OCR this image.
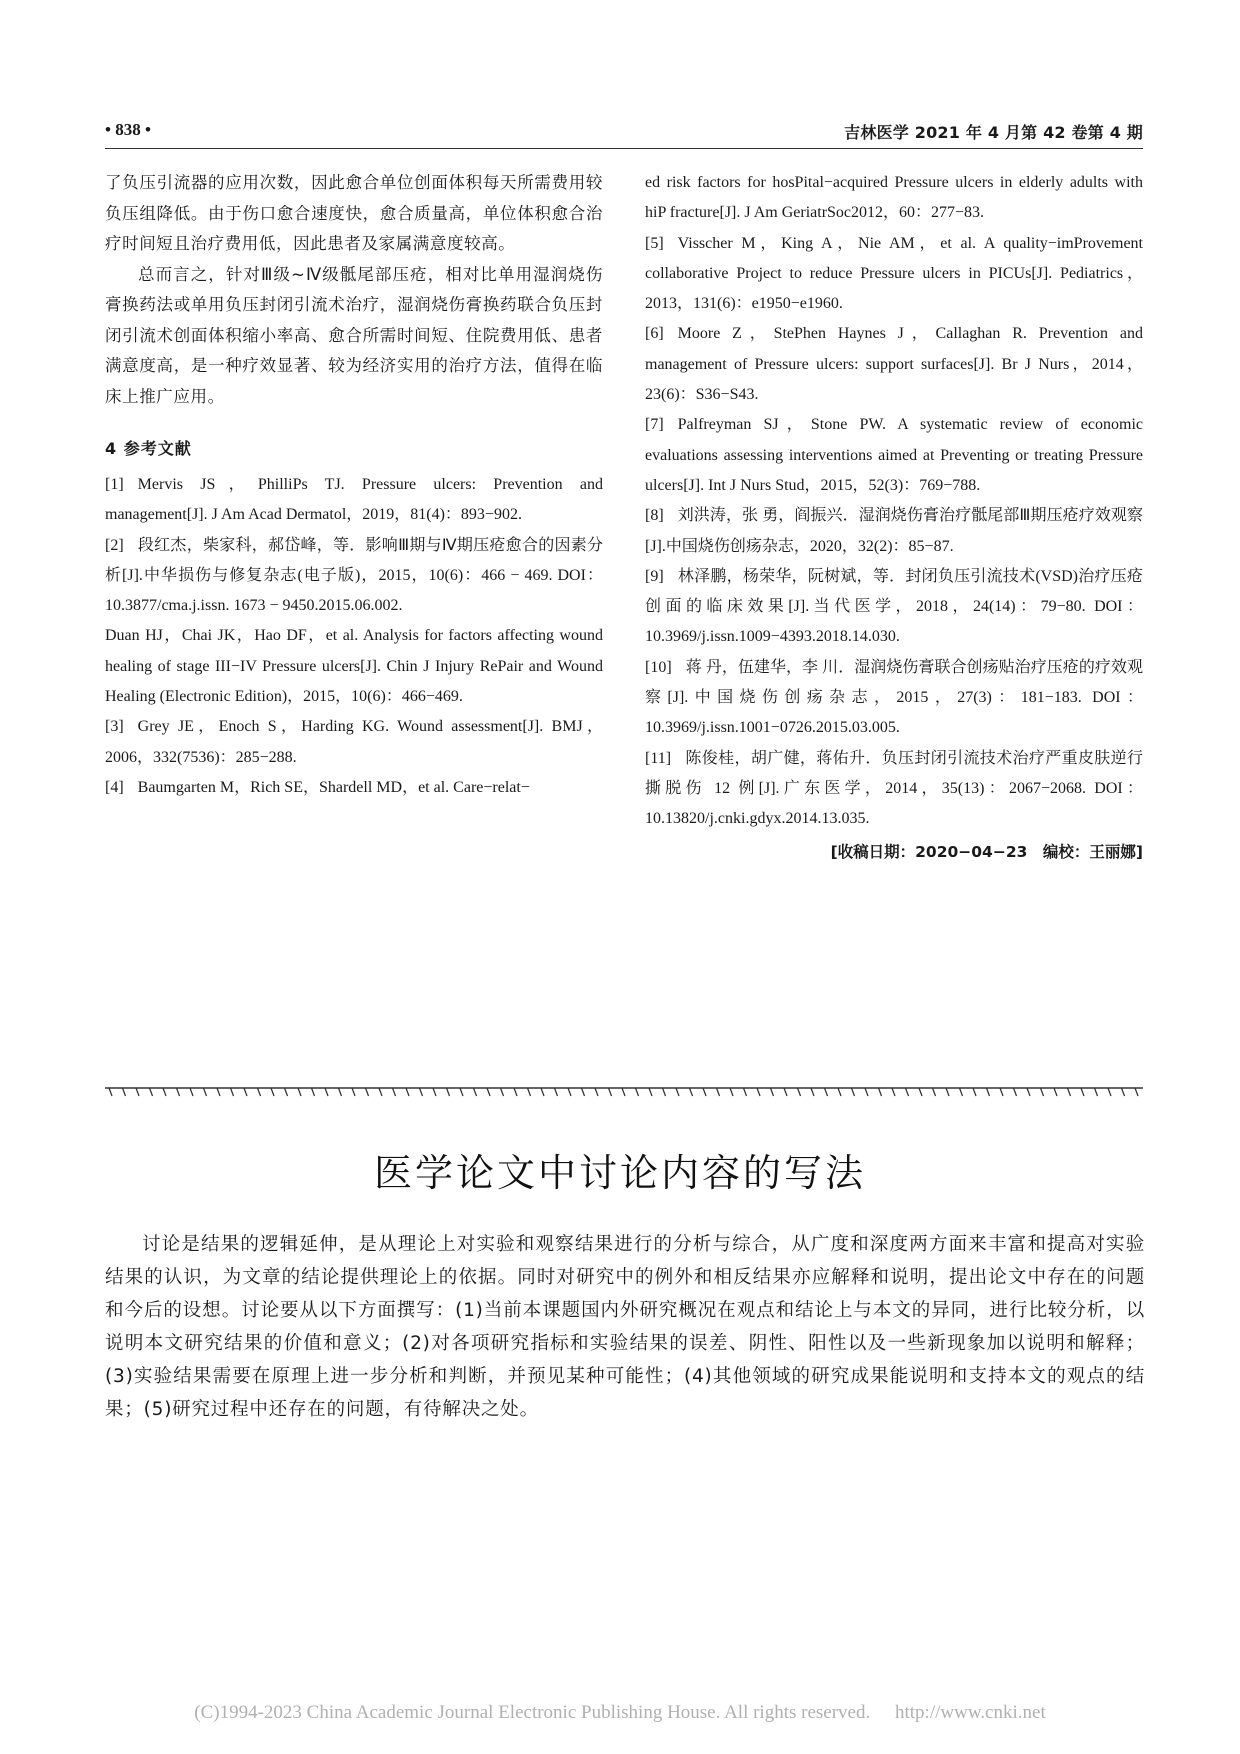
• 838 •	吉林医学 2021 年 4 月第 42 卷第 4 期

了负压引流器的应用次数，因此愈合单位创面体积每天所需费用较负压组降低。由于伤口愈合速度快，愈合质量高，单位体积愈合治疗时间短且治疗费用低，因此患者及家属满意度较高。

总而言之，针对Ⅲ级~Ⅳ级骶尾部压疮，相对比单用湿润烧伤膏换药法或单用负压封闭引流术治疗，湿润烧伤膏换药联合负压封闭引流术创面体积缩小率高、愈合所需时间短、住院费用低、患者满意度高，是一种疗效显著、较为经济实用的治疗方法，值得在临床上推广应用。

4 参考文献

[1] Mervis JS，PhilliPs TJ. Pressure ulcers: Prevention and management[J]. J Am Acad Dermatol，2019，81(4)：893−902.

[2] 段红杰，柴家科，郝岱峰，等．影响Ⅲ期与Ⅳ期压疮愈合的因素分析[J].中华损伤与修复杂志(电子版)，2015，10(6)：466 − 469. DOI：10.3877/cma.j.issn. 1673 − 9450.2015.06.002.

Duan HJ，Chai JK，Hao DF，et al. Analysis for factors affecting wound healing of stage III−IV Pressure ulcers[J]. Chin J Injury RePair and Wound Healing (Electronic Edition)，2015，10(6)：466−469.

[3] Grey JE，Enoch S，Harding KG. Wound assessment[J]. BMJ，2006，332(7536)：285−288.

[4] Baumgarten M，Rich SE，Shardell MD，et al. Care−relat−

ed risk factors for hosPital−acquired Pressure ulcers in elderly adults with hiP fracture[J]. J Am GeriatrSoc2012，60：277−83.

[5] Visscher M，King A，Nie AM，et al. A quality−imProvement collaborative Project to reduce Pressure ulcers in PICUs[J]. Pediatrics，2013，131(6)：e1950−e1960.

[6] Moore Z，StePhen Haynes J，Callaghan R. Prevention and management of Pressure ulcers: support surfaces[J]. Br J Nurs，2014，23(6)：S36−S43.

[7] Palfreyman SJ，Stone PW. A systematic review of economic evaluations assessing interventions aimed at Preventing or treating Pressure ulcers[J]. Int J Nurs Stud，2015，52(3)：769−788.

[8] 刘洪涛，张 勇，阎振兴．湿润烧伤膏治疗骶尾部Ⅲ期压疮疗效观察[J].中国烧伤创疡杂志，2020，32(2)：85−87.

[9] 林泽鹏，杨荣华，阮树斌，等．封闭负压引流技术(VSD)治疗压疮创面的临床效果[J].当代医学，2018，24(14)：79−80. DOI：10.3969/j.issn.1009−4393.2018.14.030.

[10] 蒋 丹，伍建华，李 川．湿润烧伤膏联合创疡贴治疗压疮的疗效观察[J].中国烧伤创疡杂志，2015，27(3)：181−183. DOI：10.3969/j.issn.1001−0726.2015.03.005.

[11] 陈俊桂，胡广健，蒋佑升．负压封闭引流技术治疗严重皮肤逆行撕脱伤 12 例[J].广东医学，2014，35(13)：2067−2068. DOI：10.13820/j.cnki.gdyx.2014.13.035.

[收稿日期：2020−04−23　编校：王丽娜]
医学论文中讨论内容的写法

讨论是结果的逻辑延伸，是从理论上对实验和观察结果进行的分析与综合，从广度和深度两方面来丰富和提高对实验结果的认识，为文章的结论提供理论上的依据。同时对研究中的例外和相反结果亦应解释和说明，提出论文中存在的问题和今后的设想。讨论要从以下方面撰写：(1)当前本课题国内外研究概况在观点和结论上与本文的异同，进行比较分析，以说明本文研究结果的价值和意义；(2)对各项研究指标和实验结果的误差、阴性、阳性以及一些新现象加以说明和解释；(3)实验结果需要在原理上进一步分析和判断，并预见某种可能性；(4)其他领域的研究成果能说明和支持本文的观点的结果；(5)研究过程中还存在的问题，有待解决之处。

(C)1994-2023 China Academic Journal Electronic Publishing House. All rights reserved. http://www.cnki.net
